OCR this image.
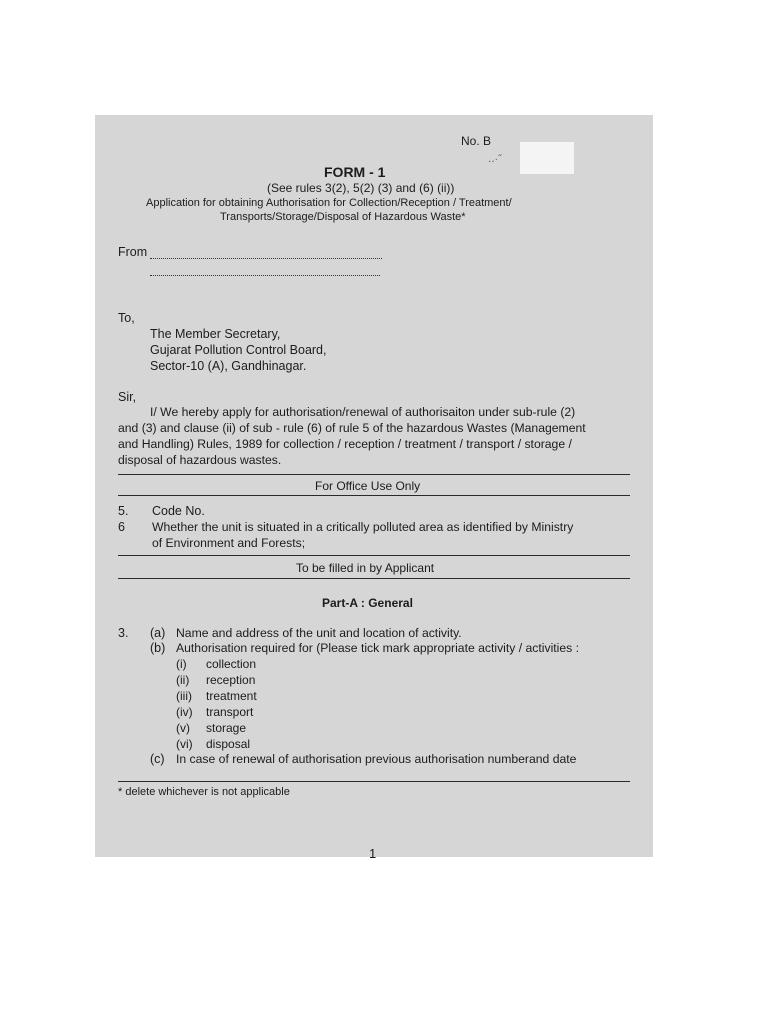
No. B
‥·˝
FORM - 1
(See rules 3(2), 5(2) (3) and (6) (ii))
Application for obtaining Authorisation for Collection/Reception / Treatment/
Transports/Storage/Disposal of Hazardous Waste*
From
To,
The Member Secretary,
Gujarat Pollution Control Board,
Sector-10 (A), Gandhinagar.
Sir,
I/ We hereby apply for authorisation/renewal of authorisaiton under sub-rule (2)
and (3) and clause (ii) of sub - rule (6) of rule 5 of the hazardous Wastes (Management
and Handling) Rules, 1989 for collection / reception / treatment / transport / storage /
disposal of hazardous wastes.
For Office Use Only
5. Code No.
6 Whether the unit is situated in a critically polluted area as identified by Ministry
of Environment and Forests;
To be filled in by Applicant
Part-A : General
3. (a) Name and address of the unit and location of activity.
(b) Authorisation required for (Please tick mark appropriate activity / activities :
(i) collection
(ii) reception
(iii) treatment
(iv) transport
(v) storage
(vi) disposal
(c) In case of renewal of authorisation previous authorisation numberand date
* delete whichever is not applicable
1
